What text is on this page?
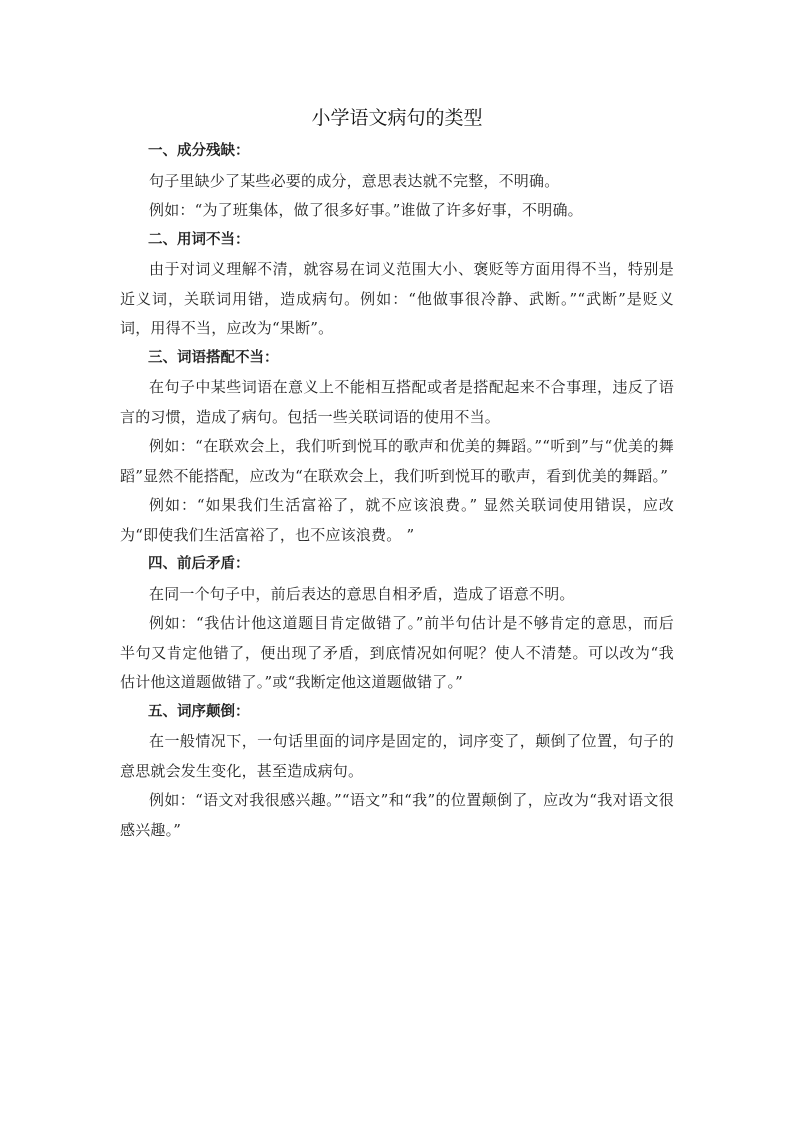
小学语文病句的类型
一、成分残缺：

句子里缺少了某些必要的成分，意思表达就不完整，不明确。

例如：“为了班集体，做了很多好事。”谁做了许多好事，不明确。

二、用词不当：

由于对词义理解不清，就容易在词义范围大小、褒贬等方面用得不当，特别是近义词，关联词用错，造成病句。例如：“他做事很冷静、武断。”“武断”是贬义词，用得不当，应改为“果断”。

三、词语搭配不当：

在句子中某些词语在意义上不能相互搭配或者是搭配起来不合事理，违反了语言的习惯，造成了病句。包括一些关联词语的使用不当。

例如：“在联欢会上，我们听到悦耳的歌声和优美的舞蹈。”“听到”与“优美的舞蹈”显然不能搭配，应改为“在联欢会上，我们听到悦耳的歌声，看到优美的舞蹈。”

例如：“如果我们生活富裕了，就不应该浪费。” 显然关联词使用错误，应改为“即使我们生活富裕了，也不应该浪费。 ”

四、前后矛盾：

在同一个句子中，前后表达的意思自相矛盾，造成了语意不明。

例如：“我估计他这道题目肯定做错了。”前半句估计是不够肯定的意思，而后半句又肯定他错了，便出现了矛盾，到底情况如何呢？使人不清楚。可以改为“我估计他这道题做错了。”或“我断定他这道题做错了。”

五、词序颠倒：

在一般情况下，一句话里面的词序是固定的，词序变了，颠倒了位置，句子的意思就会发生变化，甚至造成病句。

例如：“语文对我很感兴趣。”“语文”和“我”的位置颠倒了，应改为“我对语文很感兴趣。”
